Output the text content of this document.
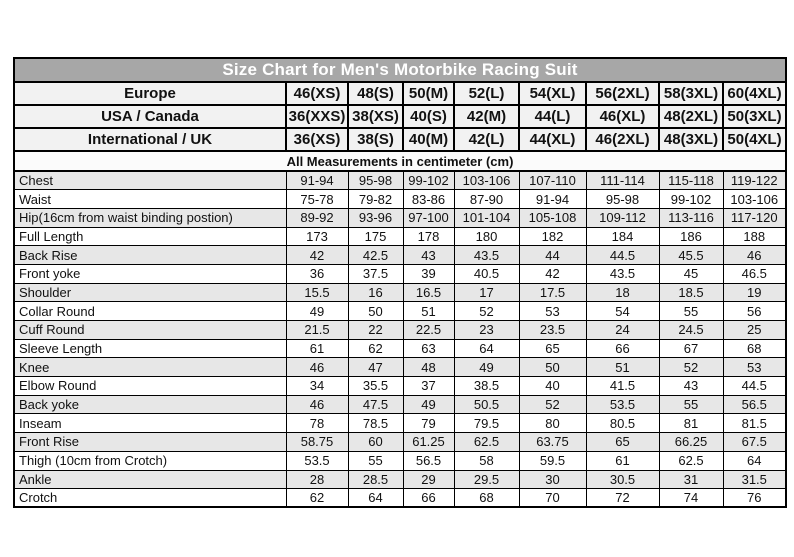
Size Chart for Men's Motorbike Racing Suit								
Europe	46(XS)	48(S)	50(M)	52(L)	54(XL)	56(2XL)	58(3XL)	60(4XL)
USA / Canada	36(XXS)	38(XS)	40(S)	42(M)	44(L)	46(XL)	48(2XL)	50(3XL)
International / UK	36(XS)	38(S)	40(M)	42(L)	44(XL)	46(2XL)	48(3XL)	50(4XL)
All Measurements in centimeter (cm)								
Chest	91-94	95-98	99-102	103-106	107-110	111-114	115-118	119-122
Waist	75-78	79-82	83-86	87-90	91-94	95-98	99-102	103-106
Hip(16cm from waist binding postion)	89-92	93-96	97-100	101-104	105-108	109-112	113-116	117-120
Full Length	173	175	178	180	182	184	186	188
Back Rise	42	42.5	43	43.5	44	44.5	45.5	46
Front yoke	36	37.5	39	40.5	42	43.5	45	46.5
Shoulder	15.5	16	16.5	17	17.5	18	18.5	19
Collar Round	49	50	51	52	53	54	55	56
Cuff Round	21.5	22	22.5	23	23.5	24	24.5	25
Sleeve Length	61	62	63	64	65	66	67	68
Knee	46	47	48	49	50	51	52	53
Elbow Round	34	35.5	37	38.5	40	41.5	43	44.5
Back yoke	46	47.5	49	50.5	52	53.5	55	56.5
Inseam	78	78.5	79	79.5	80	80.5	81	81.5
Front Rise	58.75	60	61.25	62.5	63.75	65	66.25	67.5
Thigh (10cm from Crotch)	53.5	55	56.5	58	59.5	61	62.5	64
Ankle	28	28.5	29	29.5	30	30.5	31	31.5
Crotch	62	64	66	68	70	72	74	76
